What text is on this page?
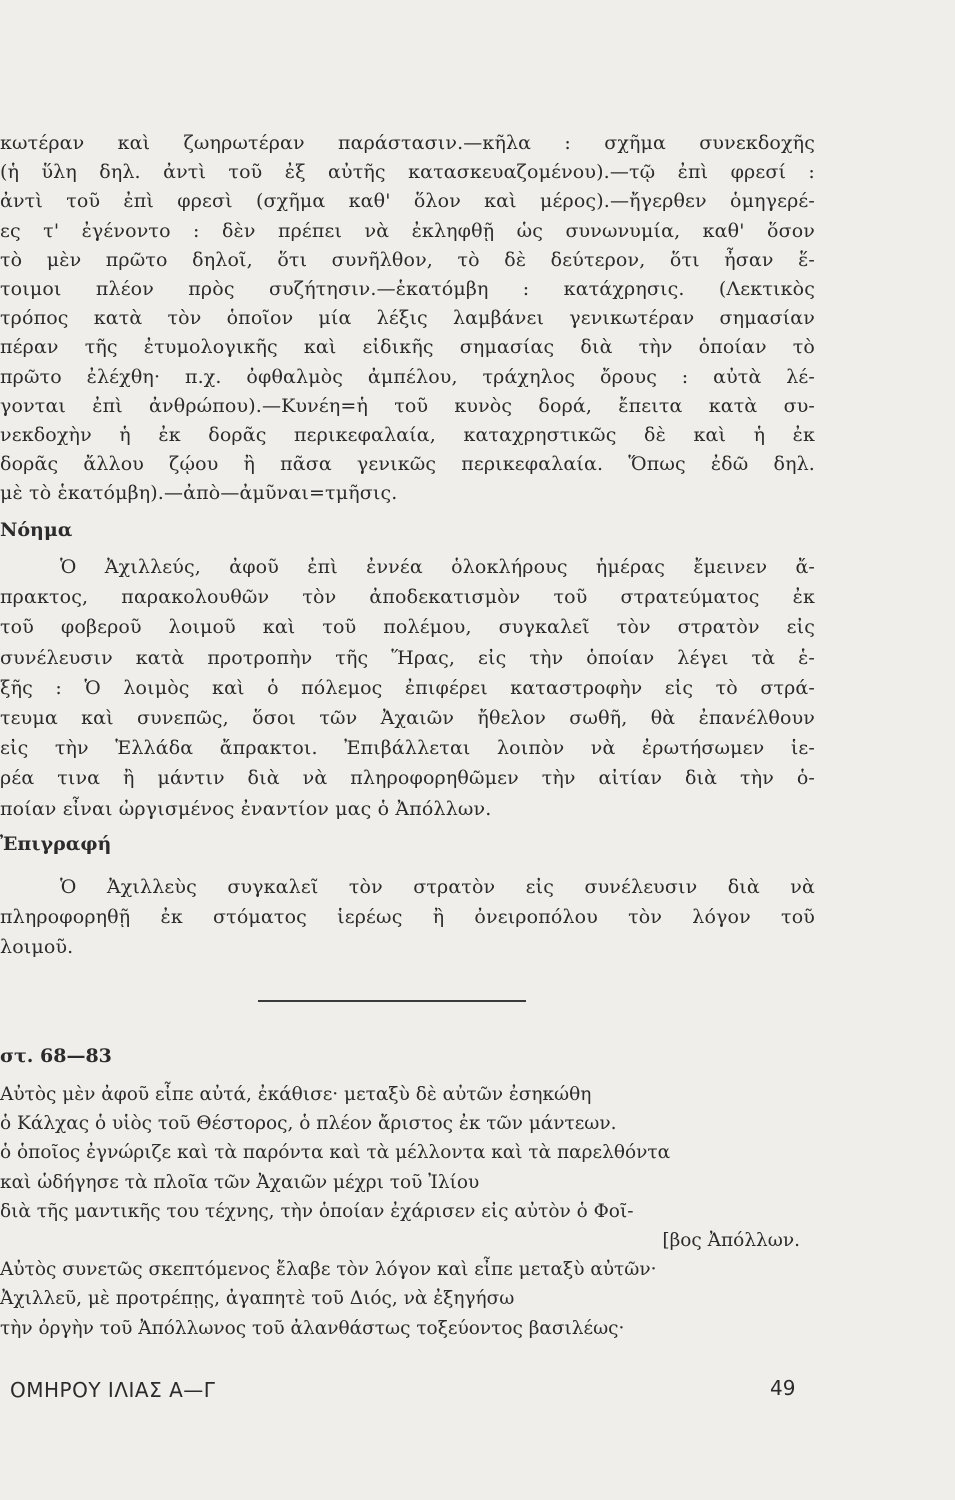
κωτέραν καὶ ζωηρωτέραν παράστασιν.—κῆλα : σχῆμα συνεκδοχῆς
(ἡ ὕλη δηλ. ἀντὶ τοῦ ἐξ αὐτῆς κατασκευαζομένου).—τῷ ἐπὶ φρεσί :
ἀντὶ τοῦ ἐπὶ φρεσὶ (σχῆμα καθ' ὅλον καὶ μέρος).—ἤγερθεν ὁμηγερέ-
ες τ' ἐγένοντο : δὲν πρέπει νὰ ἐκληφθῇ ὡς συνωνυμία, καθ' ὅσον
τὸ μὲν πρῶτο δηλοῖ, ὅτι συνῆλθον, τὸ δὲ δεύτερον, ὅτι ἦσαν ἕ-
τοιμοι πλέον πρὸς συζήτησιν.—ἑκατόμβη : κατάχρησις. (Λεκτικὸς
τρόπος κατὰ τὸν ὁποῖον μία λέξις λαμβάνει γενικωτέραν σημασίαν
πέραν τῆς ἐτυμολογικῆς καὶ εἰδικῆς σημασίας διὰ τὴν ὁποίαν τὸ
πρῶτο ἐλέχθη· π.χ. ὀφθαλμὸς ἀμπέλου, τράχηλος ὄρους : αὐτὰ λέ-
γονται ἐπὶ ἀνθρώπου).—Κυνέη=ἡ τοῦ κυνὸς δορά, ἔπειτα κατὰ συ-
νεκδοχὴν ἡ ἐκ δορᾶς περικεφαλαία, καταχρηστικῶς δὲ καὶ ἡ ἐκ
δορᾶς ἄλλου ζῴου ἢ πᾶσα γενικῶς περικεφαλαία. Ὅπως ἐδῶ δηλ.
μὲ τὸ ἑκατόμβη).—ἀπὸ—ἀμῦναι=τμῆσις.
Νόημα
Ὁ Ἀχιλλεύς, ἀφοῦ ἐπὶ ἐννέα ὁλοκλήρους ἡμέρας ἔμεινεν ἄ-
πρακτος, παρακολουθῶν τὸν ἀποδεκατισμὸν τοῦ στρατεύματος ἐκ
τοῦ φοβεροῦ λοιμοῦ καὶ τοῦ πολέμου, συγκαλεῖ τὸν στρατὸν εἰς
συνέλευσιν κατὰ προτροπὴν τῆς Ἥρας, εἰς τὴν ὁποίαν λέγει τὰ ἑ-
ξῆς : Ὁ λοιμὸς καὶ ὁ πόλεμος ἐπιφέρει καταστροφὴν εἰς τὸ στρά-
τευμα καὶ συνεπῶς, ὅσοι τῶν Ἀχαιῶν ἤθελον σωθῆ, θὰ ἐπανέλθουν
εἰς τὴν Ἑλλάδα ἄπρακτοι. Ἐπιβάλλεται λοιπὸν νὰ ἐρωτήσωμεν ἱε-
ρέα τινα ἢ μάντιν διὰ νὰ πληροφορηθῶμεν τὴν αἰτίαν διὰ τὴν ὁ-
ποίαν εἶναι ὠργισμένος ἐναντίον μας ὁ Ἀπόλλων.
Ἐπιγραφή
Ὁ Ἀχιλλεὺς συγκαλεῖ τὸν στρατὸν εἰς συνέλευσιν διὰ νὰ
πληροφορηθῇ ἐκ στόματος ἱερέως ἢ ὀνειροπόλου τὸν λόγον τοῦ
λοιμοῦ.
στ. 68—83
Αὐτὸς μὲν ἀφοῦ εἶπε αὐτά, ἐκάθισε· μεταξὺ δὲ αὐτῶν ἐσηκώθη
ὁ Κάλχας ὁ υἱὸς τοῦ Θέστορος, ὁ πλέον ἄριστος ἐκ τῶν μάντεων.
ὁ ὁποῖος ἐγνώριζε καὶ τὰ παρόντα καὶ τὰ μέλλοντα καὶ τὰ παρελθόντα
καὶ ὡδήγησε τὰ πλοῖα τῶν Ἀχαιῶν μέχρι τοῦ Ἰλίου
διὰ τῆς μαντικῆς του τέχνης, τὴν ὁποίαν ἐχάρισεν εἰς αὐτὸν ὁ Φοῖ-
[βος Ἀπόλλων.
Αὐτὸς συνετῶς σκεπτόμενος ἔλαβε τὸν λόγον καὶ εἶπε μεταξὺ αὐτῶν·
Ἀχιλλεῦ, μὲ προτρέπῃς, ἀγαπητὲ τοῦ Διός, νὰ ἐξηγήσω
τὴν ὀργὴν τοῦ Ἀπόλλωνος τοῦ ἀλανθάστως τοξεύοντος βασιλέως·
ΟΜΗΡΟΥ ΙΛΙΑΣ Α—Γ	49
